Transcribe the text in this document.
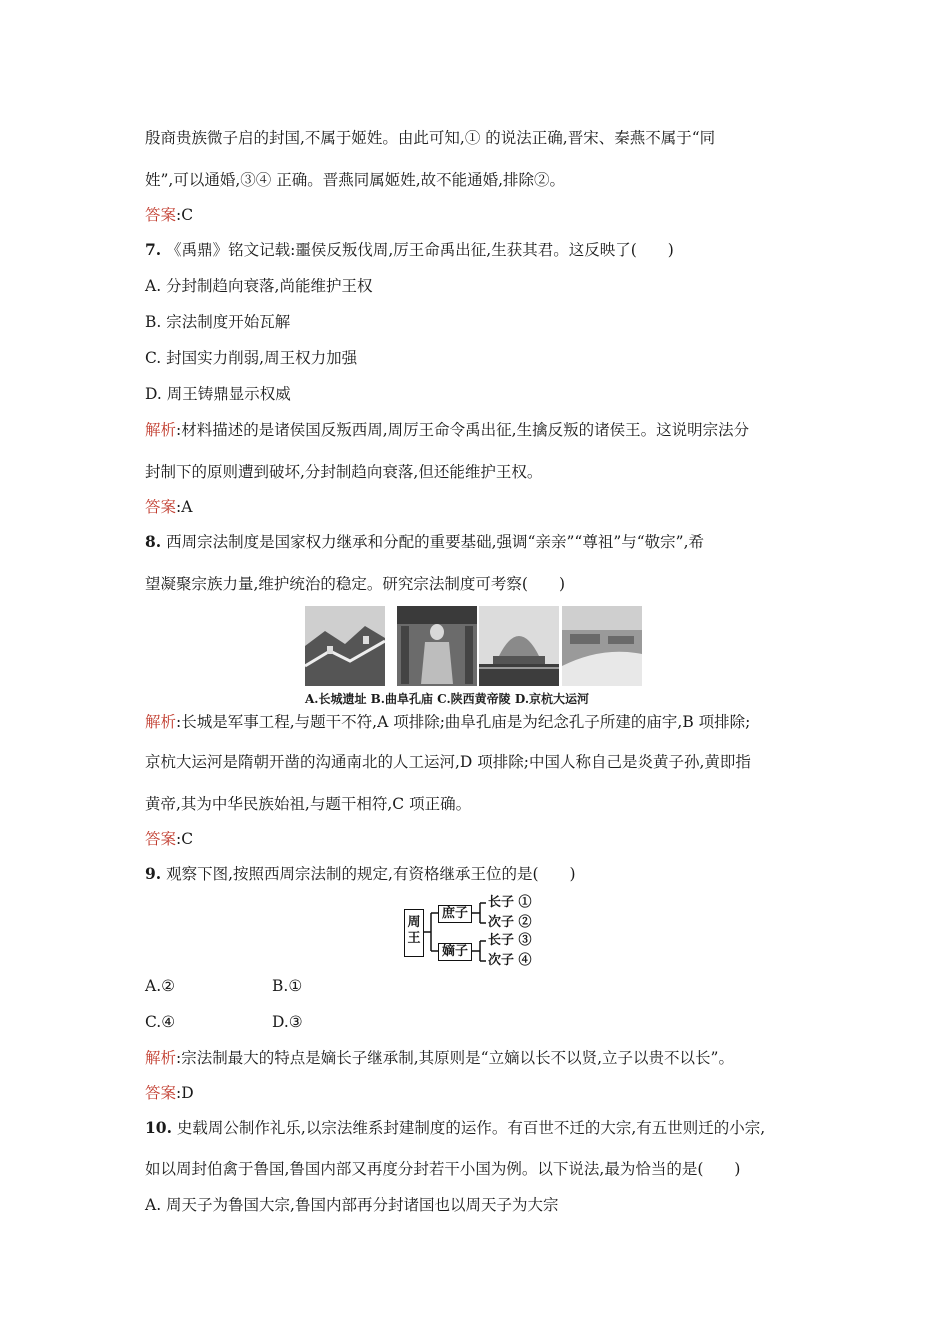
殷商贵族微子启的封国,不属于姬姓。由此可知,① 的说法正确,晋宋、秦燕不属于“同
姓”,可以通婚,③④ 正确。晋燕同属姬姓,故不能通婚,排除②。
答案:C
7. 《禹鼎》铭文记载:噩侯反叛伐周,厉王命禹出征,生获其君。这反映了(　　)
A. 分封制趋向衰落,尚能维护王权
B. 宗法制度开始瓦解
C. 封国实力削弱,周王权力加强
D. 周王铸鼎显示权威
解析:材料描述的是诸侯国反叛西周,周厉王命令禹出征,生擒反叛的诸侯王。这说明宗法分
封制下的原则遭到破坏,分封制趋向衰落,但还能维护王权。
答案:A
8. 西周宗法制度是国家权力继承和分配的重要基础,强调“亲亲”“尊祖”与“敬宗”,希
望凝聚宗族力量,维护统治的稳定。研究宗法制度可考察(　　)
A.长城遗址 B.曲阜孔庙 C.陕西黄帝陵 D.京杭大运河
解析:长城是军事工程,与题干不符,A 项排除;曲阜孔庙是为纪念孔子所建的庙宇,B 项排除;
京杭大运河是隋朝开凿的沟通南北的人工运河,D 项排除;中国人称自己是炎黄子孙,黄即指
黄帝,其为中华民族始祖,与题干相符,C 项正确。
答案:C
9. 观察下图,按照西周宗法制的规定,有资格继承王位的是(　　)
周王
庶子
嫡子
长子 ①
次子 ②
长子 ③
次子 ④
A.②	B.①
C.④	D.③
解析:宗法制最大的特点是嫡长子继承制,其原则是“立嫡以长不以贤,立子以贵不以长”。
答案:D
10. 史载周公制作礼乐,以宗法维系封建制度的运作。有百世不迁的大宗,有五世则迁的小宗,
如以周封伯禽于鲁国,鲁国内部又再度分封若干小国为例。以下说法,最为恰当的是(　　)
A. 周天子为鲁国大宗,鲁国内部再分封诸国也以周天子为大宗
